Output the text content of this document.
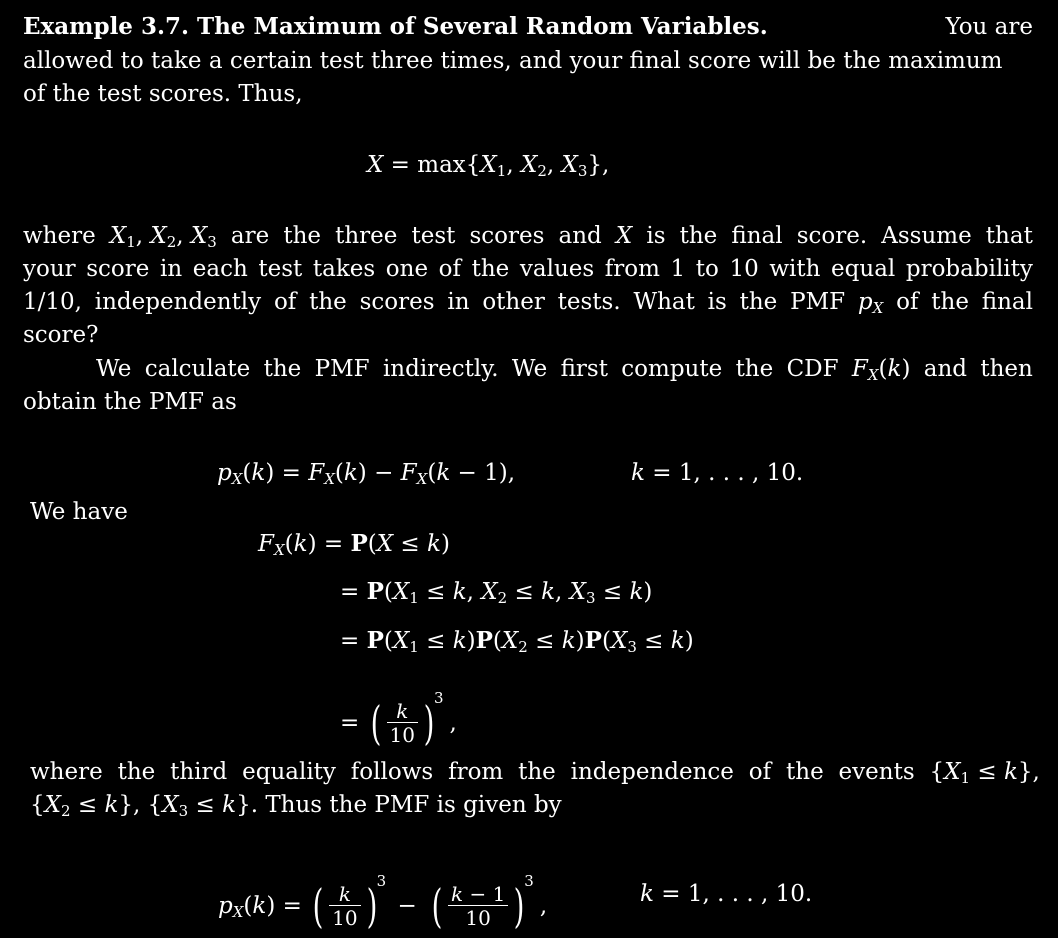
Example 3.7. The Maximum of Several Random Variables.	You are
allowed to take a certain test three times, and your final score will be the maximum
of the test scores. Thus,
$X = \max\{X_1$, $X_2$, $X_3$},
where $X_1$, $X_2$, $X_3$ are the three test scores and X is the final score. Assume that
your score in each test takes one of the values from 1 to 10 with equal probability
1/10, independently of the scores in other tests. What is the PMF $p_X$ of the final
score?
We calculate the PMF indirectly. We first compute the CDF $F_X(k)$ and then
obtain the PMF as
$p_X(k) = F_X(k) - F_X(k - 1)$,	k = 1, . . . , 10.
We have
$F_X(k) = P(X \le k)$
= $P(X_1 \le k$, $X_2 \le k$, $X_3 \le k$)
= $P(X_1 \le k)P(X_2 \le k)P(X_3 \le k)$
= ( $\frac{k}{10} )3$,
where the third equality follows from the independence of the events $\{X_1 \le k\}$,
$\{X_2 \le k\}$, $\{X_3 \le k\}$. Thus the PMF is given by
$p_X(k)$ = ( $\frac{k}{10} )3$ − ( $\frac{k - 1}{10} )3$,	k = 1, . . . , 10.
